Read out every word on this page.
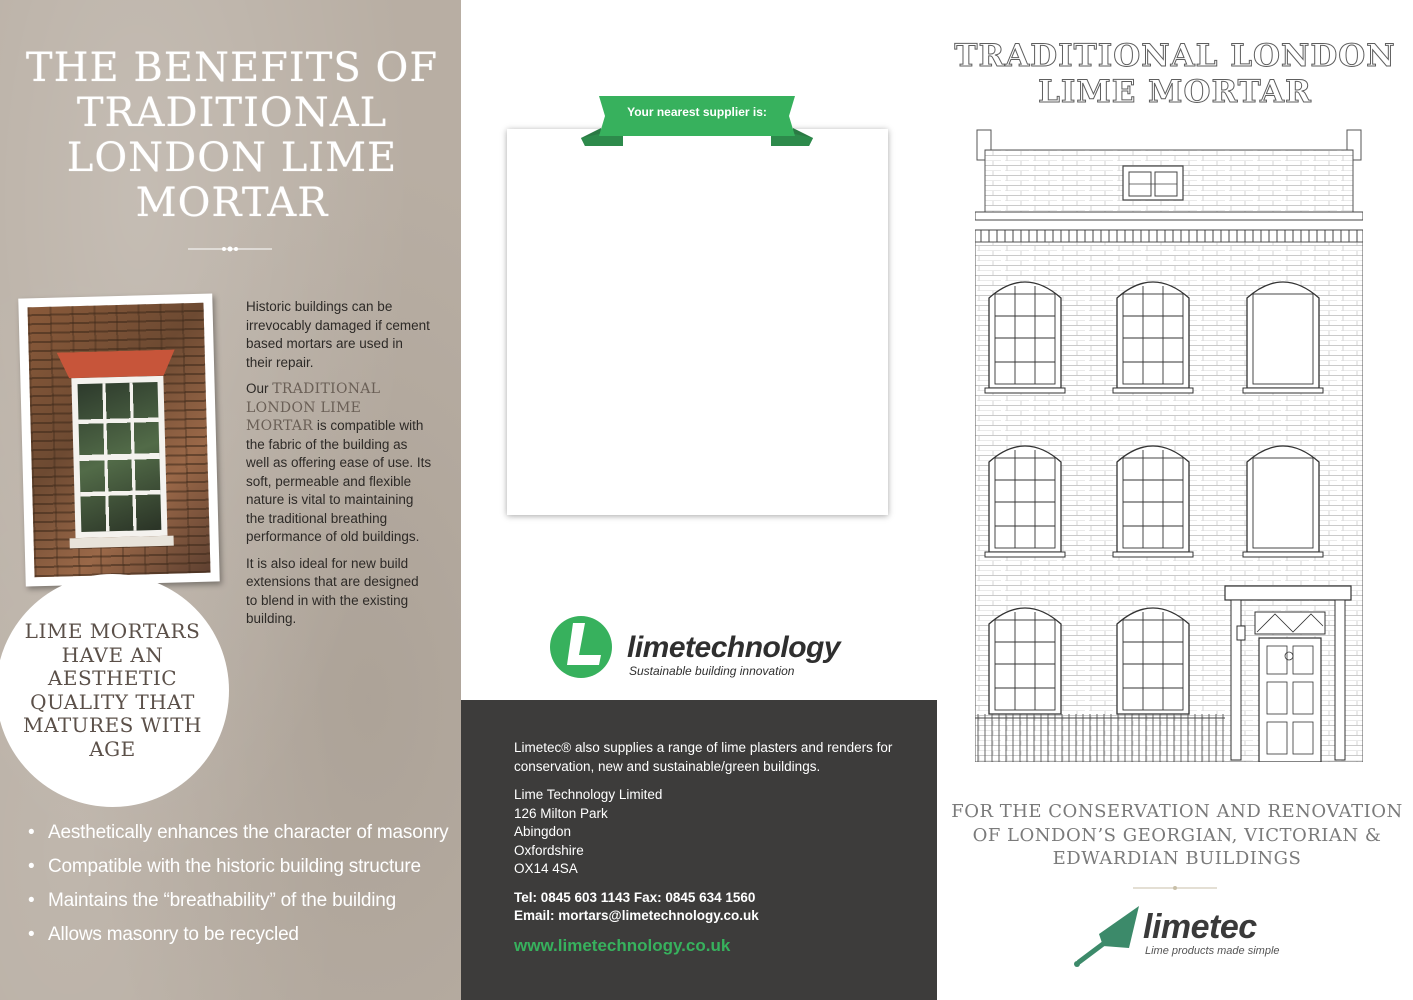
THE BENEFITS OF TRADITIONAL LONDON LIME MORTAR

Historic buildings can be irrevocably damaged if cement based mortars are used in their repair.

Our TRADITIONAL LONDON LIME MORTAR is compatible with the fabric of the building as well as offering ease of use. Its soft, permeable and flexible nature is vital to maintaining the traditional breathing performance of old buildings.

It is also ideal for new build extensions that are designed to blend in with the existing building.

LIME MORTARS HAVE AN AESTHETIC QUALITY THAT MATURES WITH AGE
• Aesthetically enhances the character of masonry
• Compatible with the historic building structure
• Maintains the “breathability” of the building
• Allows masonry to be recycled
Your nearest supplier is:
limetechnology
Sustainable building innovation

Limetec® also supplies a range of lime plasters and renders for conservation, new and sustainable/green buildings.

Lime Technology Limited
126 Milton Park
Abingdon
Oxfordshire
OX14 4SA
Tel: 0845 603 1143 Fax: 0845 634 1560
Email: mortars@limetechnology.co.uk
www.limetechnology.co.uk
TRADITIONAL LONDON
LIME MORTAR
FOR THE CONSERVATION AND RENOVATION OF LONDON’S GEORGIAN, VICTORIAN & EDWARDIAN BUILDINGS
limetec
Lime products made simple
